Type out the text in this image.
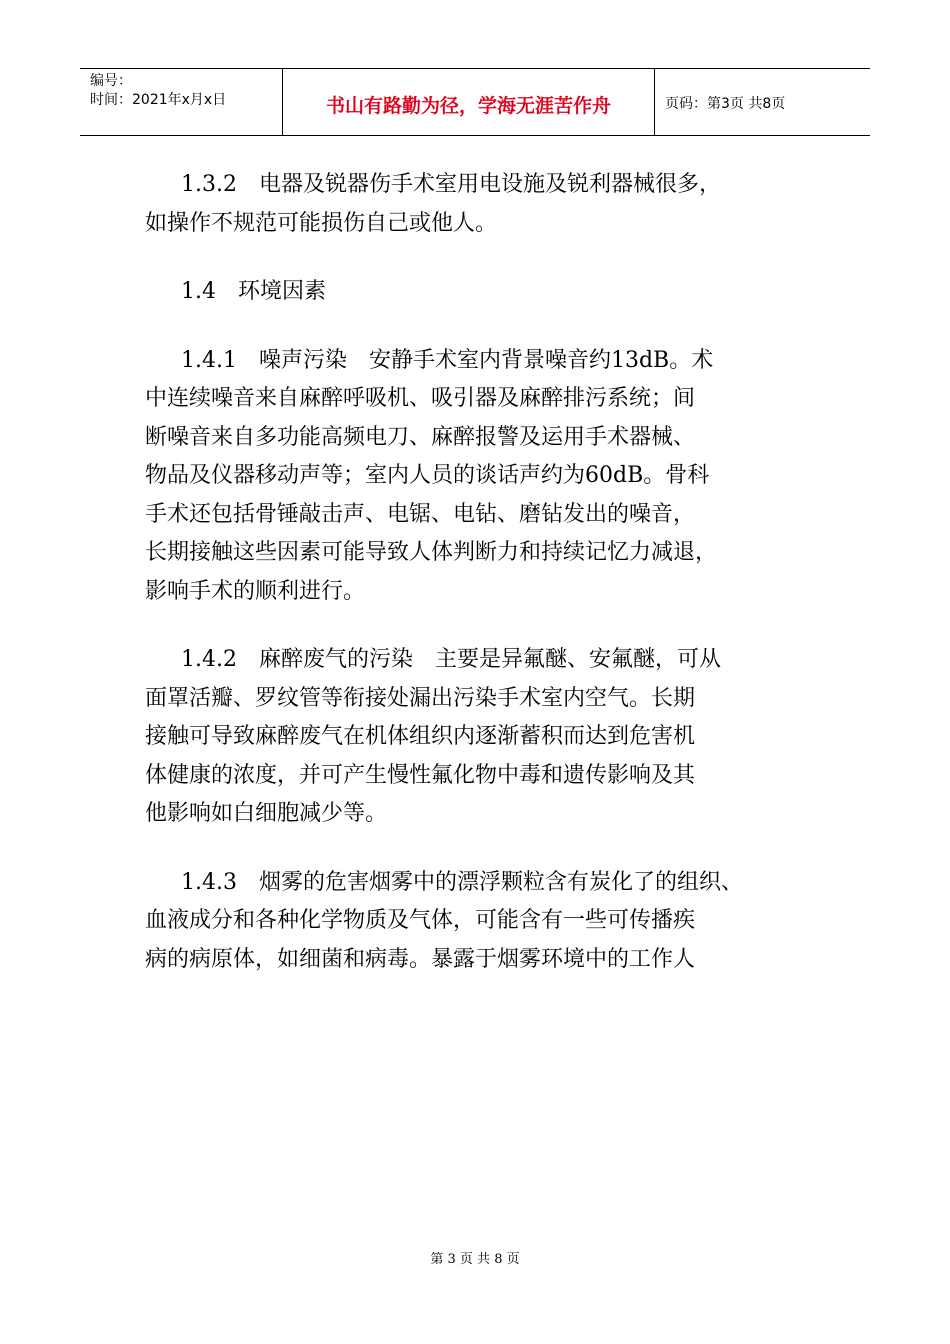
编号：
时间：2021年x月x日	书山有路勤为径，学海无涯苦作舟	页码：第3页 共8页
1.3.2　电器及锐器伤手术室用电设施及锐利器械很多，
如操作不规范可能损伤自己或他人。
1.4　环境因素
1.4.1　噪声污染　安静手术室内背景噪音约13dB。术
中连续噪音来自麻醉呼吸机、吸引器及麻醉排污系统；间
断噪音来自多功能高频电刀、麻醉报警及运用手术器械、
物品及仪器移动声等；室内人员的谈话声约为60dB。骨科
手术还包括骨锤敲击声、电锯、电钻、磨钻发出的噪音，
长期接触这些因素可能导致人体判断力和持续记忆力减退，
影响手术的顺利进行。
1.4.2　麻醉废气的污染　主要是异氟醚、安氟醚，可从
面罩活瓣、罗纹管等衔接处漏出污染手术室内空气。长期
接触可导致麻醉废气在机体组织内逐渐蓄积而达到危害机
体健康的浓度，并可产生慢性氟化物中毒和遗传影响及其
他影响如白细胞减少等。
1.4.3　烟雾的危害烟雾中的漂浮颗粒含有炭化了的组织、
血液成分和各种化学物质及气体，可能含有一些可传播疾
病的病原体，如细菌和病毒。暴露于烟雾环境中的工作人
第 3 页 共 8 页
